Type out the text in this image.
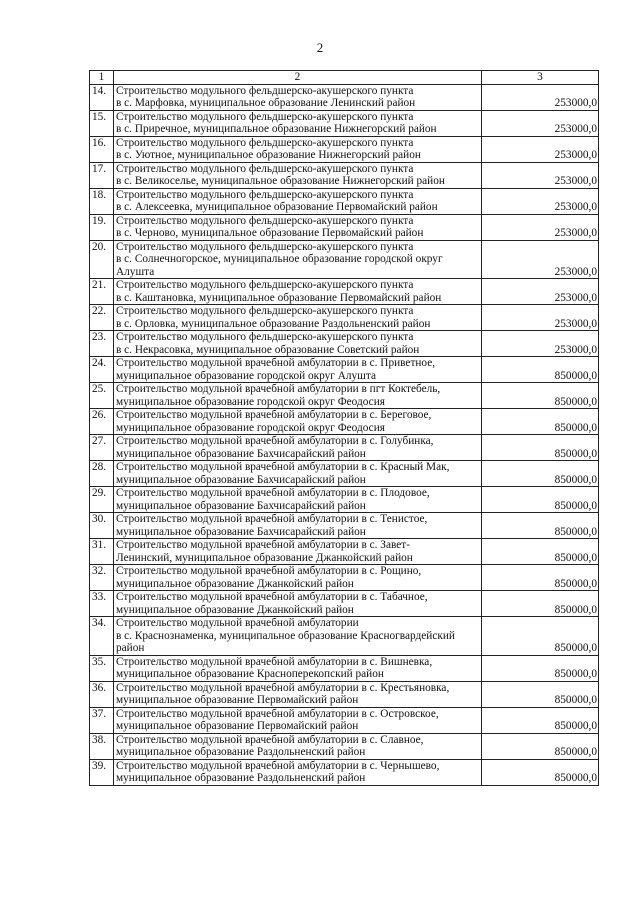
2
1	2	3
14.	Строительство модульного фельдшерско-акушерского пункта
в с. Марфовка, муниципальное образование Ленинский район	253000,0
15.	Строительство модульного фельдшерско-акушерского пункта
в с. Приречное, муниципальное образование Нижнегорский район	253000,0
16.	Строительство модульного фельдшерско-акушерского пункта
в с. Уютное, муниципальное образование Нижнегорский район	253000,0
17.	Строительство модульного фельдшерско-акушерского пункта
в с. Великоселье, муниципальное образование Нижнегорский район	253000,0
18.	Строительство модульного фельдшерско-акушерского пункта
в с. Алексеевка, муниципальное образование Первомайский район	253000,0
19.	Строительство модульного фельдшерско-акушерского пункта
в с. Черново, муниципальное образование Первомайский район	253000,0
20.	Строительство модульного фельдшерско-акушерского пункта
в с. Солнечногорское, муниципальное образование городской округ
Алушта	253000,0
21.	Строительство модульного фельдшерско-акушерского пункта
в с. Каштановка, муниципальное образование Первомайский район	253000,0
22.	Строительство модульного фельдшерско-акушерского пункта
в с. Орловка, муниципальное образование Раздольненский район	253000,0
23.	Строительство модульного фельдшерско-акушерского пункта
в с. Некрасовка, муниципальное образование Советский район	253000,0
24.	Строительство модульной врачебной амбулатории в с. Приветное,
муниципальное образование городской округ Алушта	850000,0
25.	Строительство модульной врачебной амбулатории в пгт Коктебель,
муниципальное образование городской округ Феодосия	850000,0
26.	Строительство модульной врачебной амбулатории в с. Береговое,
муниципальное образование городской округ Феодосия	850000,0
27.	Строительство модульной врачебной амбулатории в с. Голубинка,
муниципальное образование Бахчисарайский район	850000,0
28.	Строительство модульной врачебной амбулатории в с. Красный Мак,
муниципальное образование Бахчисарайский район	850000,0
29.	Строительство модульной врачебной амбулатории в с. Плодовое,
муниципальное образование Бахчисарайский район	850000,0
30.	Строительство модульной врачебной амбулатории в с. Тенистое,
муниципальное образование Бахчисарайский район	850000,0
31.	Строительство модульной врачебной амбулатории в с. Завет-
Ленинский, муниципальное образование Джанкойский район	850000,0
32.	Строительство модульной врачебной амбулатории в с. Рощино,
муниципальное образование Джанкойский район	850000,0
33.	Строительство модульной врачебной амбулатории в с. Табачное,
муниципальное образование Джанкойский район	850000,0
34.	Строительство модульной врачебной амбулатории
в с. Краснознаменка, муниципальное образование Красногвардейский
район	850000,0
35.	Строительство модульной врачебной амбулатории в с. Вишневка,
муниципальное образование Красноперекопский район	850000,0
36.	Строительство модульной врачебной амбулатории в с. Крестьяновка,
муниципальное образование Первомайский район	850000,0
37.	Строительство модульной врачебной амбулатории в с. Островское,
муниципальное образование Первомайский район	850000,0
38.	Строительство модульной врачебной амбулатории в с. Славное,
муниципальное образование Раздольненский район	850000,0
39.	Строительство модульной врачебной амбулатории в с. Чернышево,
муниципальное образование Раздольненский район	850000,0
